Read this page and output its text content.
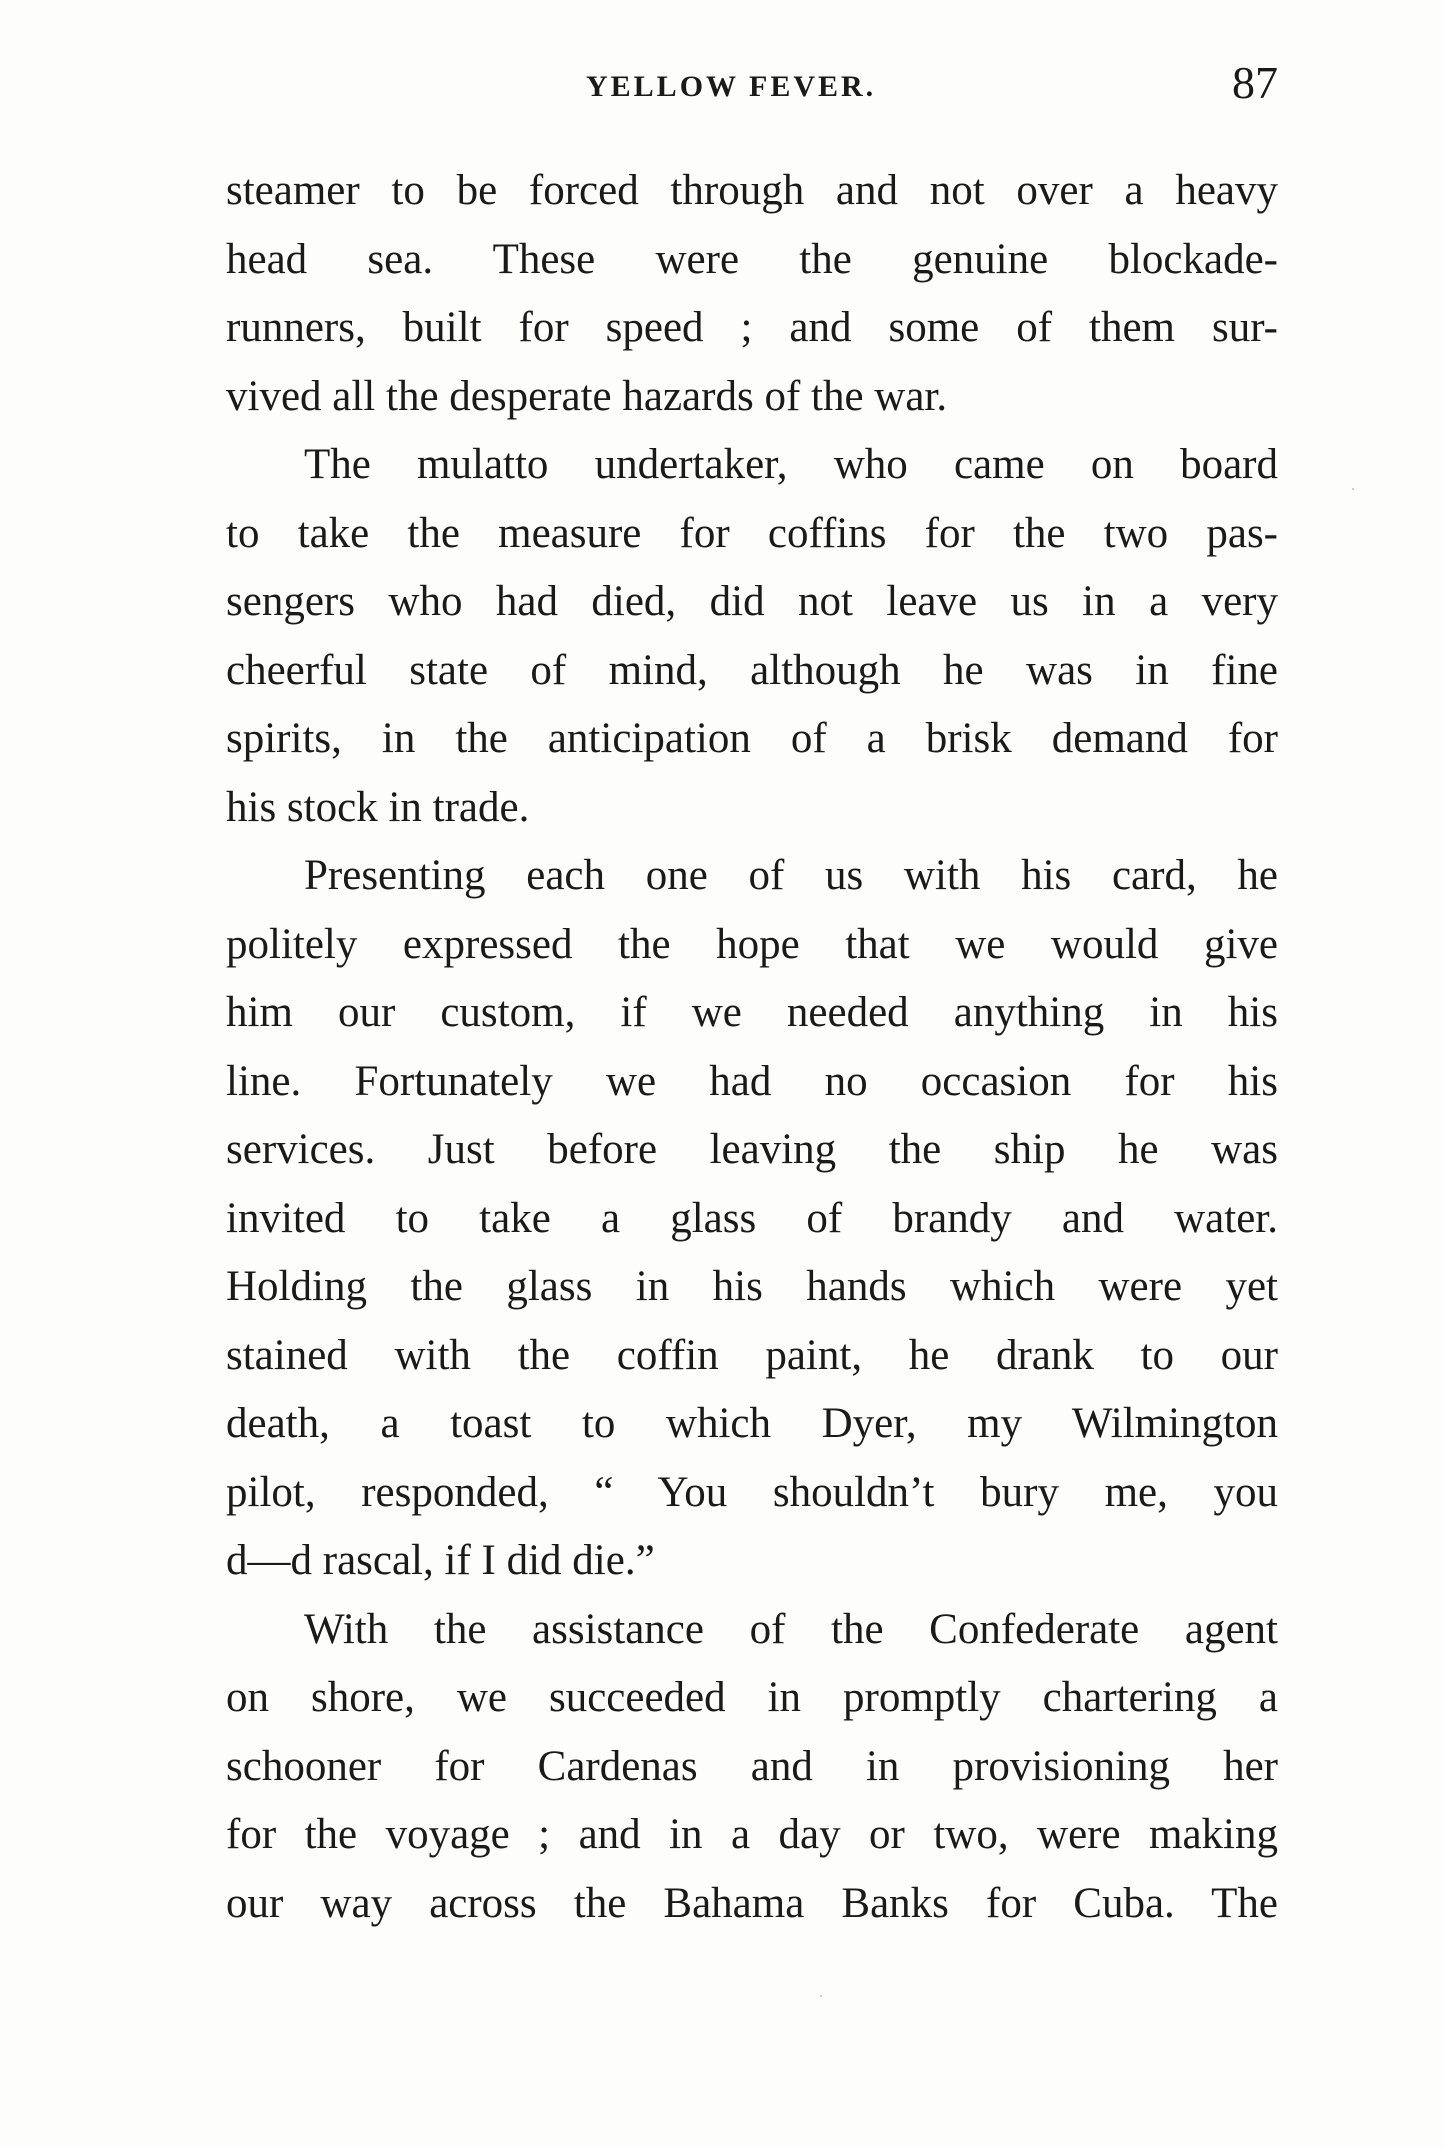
YELLOW FEVER.	87
steamer to be forced through and not over a heavy
head sea. These were the genuine blockade-
runners, built for speed ; and some of them sur-
vived all the desperate hazards of the war.
The mulatto undertaker, who came on board
to take the measure for coffins for the two pas-
sengers who had died, did not leave us in a very
cheerful state of mind, although he was in fine
spirits, in the anticipation of a brisk demand for
his stock in trade.
Presenting each one of us with his card, he
politely expressed the hope that we would give
him our custom, if we needed anything in his
line. Fortunately we had no occasion for his
services. Just before leaving the ship he was
invited to take a glass of brandy and water.
Holding the glass in his hands which were yet
stained with the coffin paint, he drank to our
death, a toast to which Dyer, my Wilmington
pilot, responded, “ You shouldn’t bury me, you
d—d rascal, if I did die.”
With the assistance of the Confederate agent
on shore, we succeeded in promptly chartering a
schooner for Cardenas and in provisioning her
for the voyage ; and in a day or two, were making
our way across the Bahama Banks for Cuba. The
